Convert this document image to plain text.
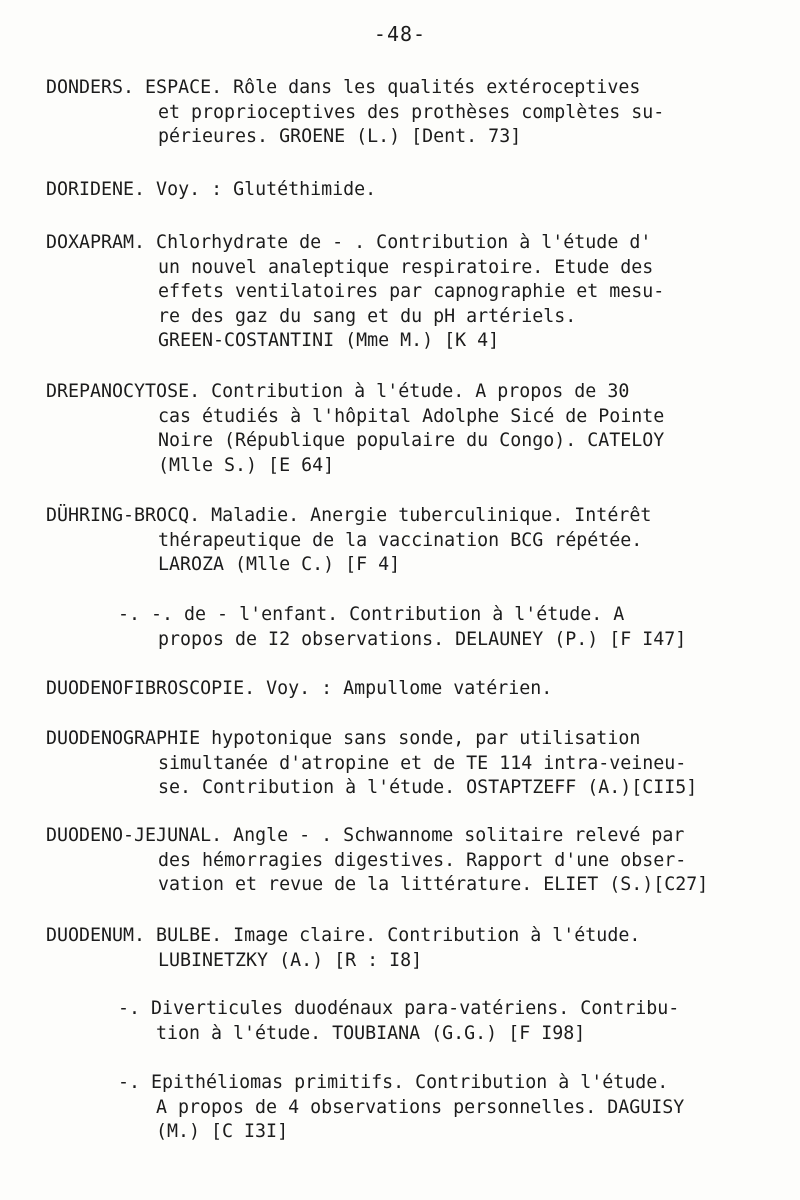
-48-
DONDERS. ESPACE. Rôle dans les qualités extéroceptives
et proprioceptives des prothèses complètes su-
périeures. GROENE (L.) [Dent. 73]
DORIDENE. Voy. : Glutéthimide.
DOXAPRAM. Chlorhydrate de - . Contribution à l'étude d'
un nouvel analeptique respiratoire. Etude des
effets ventilatoires par capnographie et mesu-
re des gaz du sang et du pH artériels.
GREEN-COSTANTINI (Mme M.) [K 4]
DREPANOCYTOSE. Contribution à l'étude. A propos de 30
cas étudiés à l'hôpital Adolphe Sicé de Pointe
Noire (République populaire du Congo). CATELOY
(Mlle S.) [E 64]
DÜHRING-BROCQ. Maladie. Anergie tuberculinique. Intérêt
thérapeutique de la vaccination BCG répétée.
LAROZA (Mlle C.) [F 4]
-. -. de - l'enfant. Contribution à l'étude. A
propos de I2 observations. DELAUNEY (P.) [F I47]
DUODENOFIBROSCOPIE. Voy. : Ampullome vatérien.
DUODENOGRAPHIE hypotonique sans sonde, par utilisation
simultanée d'atropine et de TE 114 intra-veineu-
se. Contribution à l'étude. OSTAPTZEFF (A.)[CII5]
DUODENO-JEJUNAL. Angle - . Schwannome solitaire relevé par
des hémorragies digestives. Rapport d'une obser-
vation et revue de la littérature. ELIET (S.)[C27]
DUODENUM. BULBE. Image claire. Contribution à l'étude.
LUBINETZKY (A.) [R : I8]
-. Diverticules duodénaux para-vatériens. Contribu-
tion à l'étude. TOUBIANA (G.G.) [F I98]
-. Epithéliomas primitifs. Contribution à l'étude.
A propos de 4 observations personnelles. DAGUISY
(M.) [C I3I]
